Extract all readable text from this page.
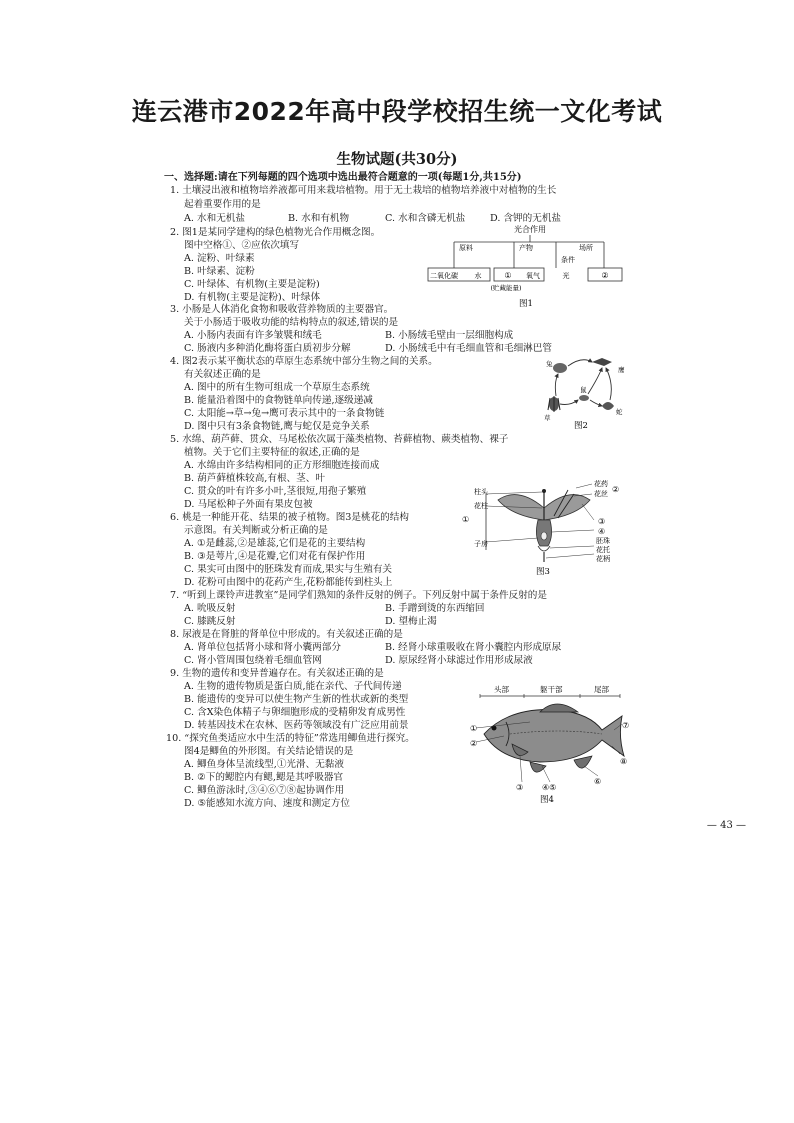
连云港市2022年高中段学校招生统一文化考试
生物试题(共30分)
一、选择题:请在下列每题的四个选项中选出最符合题意的一项(每题1分,共15分)
1. 土壤浸出液和植物培养液都可用来栽培植物。用于无土栽培的植物培养液中对植物的生长
起着重要作用的是
A. 水和无机盐	B. 水和有机物	C. 水和含磷无机盐	D. 含钾的无机盐
2. 图1是某同学建构的绿色植物光合作用概念图。
图中空格①、②应依次填写
A. 淀粉、叶绿素
B. 叶绿素、淀粉
C. 叶绿体、有机物(主要是淀粉)
D. 有机物(主要是淀粉)、叶绿体
光合作用
原料	产物
条件
场所
二氧化碳 水	① 氧气	光	②
(贮藏能量)
图1
3. 小肠是人体消化食物和吸收营养物质的主要器官。
关于小肠适于吸收功能的结构特点的叙述,错误的是
A. 小肠内表面有许多皱襞和绒毛	B. 小肠绒毛壁由一层细胞构成
C. 肠液内多种消化酶将蛋白质初步分解	D. 小肠绒毛中有毛细血管和毛细淋巴管
4. 图2表示某平衡状态的草原生态系统中部分生物之间的关系。
有关叙述正确的是
A. 图中的所有生物可组成一个草原生态系统
B. 能量沿着图中的食物链单向传递,逐级递减
C. 太阳能→草→兔→鹰可表示其中的一条食物链
D. 图中只有3条食物链,鹰与蛇仅是竞争关系
兔
鹰
草
鼠
蛇
图2
5. 水绵、葫芦藓、贯众、马尾松依次属于藻类植物、苔藓植物、蕨类植物、裸子
植物。关于它们主要特征的叙述,正确的是
A. 水绵由许多结构相同的正方形细胞连接而成
B. 葫芦藓植株较高,有根、茎、叶
C. 贯众的叶有许多小叶,茎很短,用孢子繁殖
D. 马尾松种子外面有果皮包被
6. 桃是一种能开花、结果的被子植物。图3是桃花的结构
示意图。有关判断或分析正确的是
A. ①是雌蕊,②是雄蕊,它们是花的主要结构
B. ③是萼片,④是花瓣,它们对花有保护作用
C. 果实可由图中的胚珠发育而成,果实与生殖有关
D. 花粉可由图中的花药产生,花粉都能传到柱头上
柱头
花柱
①
子房
花药
花丝 ②
③
④
胚珠
花托
花柄
图3
7. “听到上课铃声进教室”是同学们熟知的条件反射的例子。下列反射中属于条件反射的是
A. 吮吸反射	B. 手蹭到烫的东西缩回
C. 膝跳反射	D. 望梅止渴
8. 尿液是在肾脏的肾单位中形成的。有关叙述正确的是
A. 肾单位包括肾小球和肾小囊两部分	B. 经肾小球重吸收在肾小囊腔内形成原尿
C. 肾小管周围包绕着毛细血管网	D. 原尿经肾小球滤过作用形成尿液
9. 生物的遗传和变异普遍存在。有关叙述正确的是
A. 生物的遗传物质是蛋白质,能在亲代、子代间传递
B. 能遗传的变异可以使生物产生新的性状或新的类型
C. 含X染色体精子与卵细胞形成的受精卵发育成男性
D. 转基因技术在农林、医药等领域没有广泛应用前景
10. “探究鱼类适应水中生活的特征”常选用鲫鱼进行探究。
图4是鲫鱼的外形图。有关结论错误的是
A. 鲫鱼身体呈流线型,①光滑、无黏液
B. ②下的鳃腔内有鳃,鳃是其呼吸器官
C. 鲫鱼游泳时,③④⑥⑦⑧起协调作用
D. ⑤能感知水流方向、速度和测定方位
头部	躯干部	尾部
①
②
③ ④⑤
⑥
⑦
⑧
图4
— 43 —
